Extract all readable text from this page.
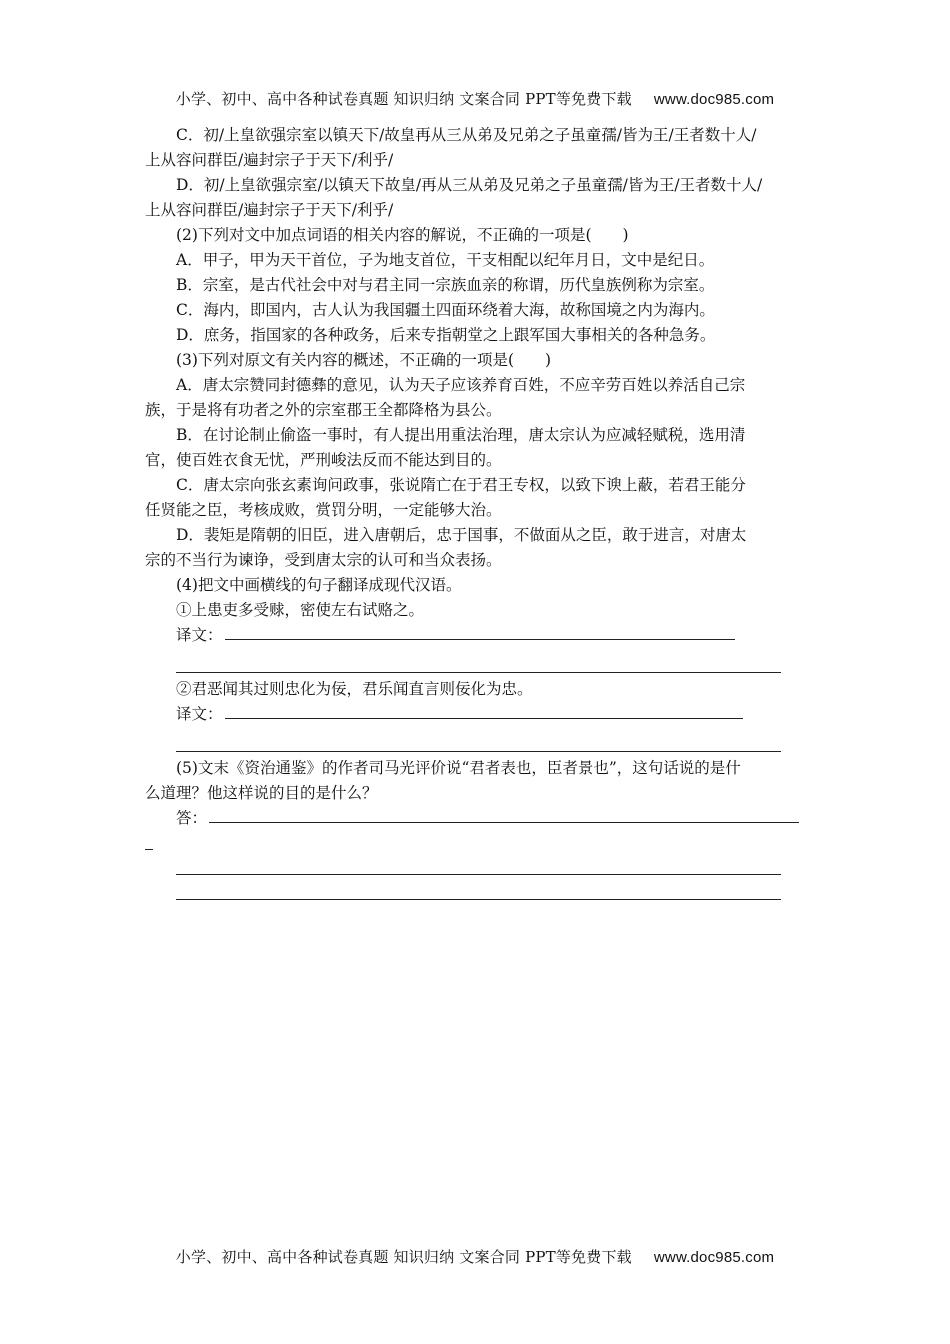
小学、初中、高中各种试卷真题 知识归纳 文案合同 PPT等免费下载 www.doc985.com

C．初/上皇欲强宗室以镇天下/故皇再从三从弟及兄弟之子虽童孺/皆为王/王者数十人/

上从容问群臣/遍封宗子于天下/利乎/

D．初/上皇欲强宗室/以镇天下故皇/再从三从弟及兄弟之子虽童孺/皆为王/王者数十人/

上从容问群臣/遍封宗子于天下/利乎/

(2)下列对文中加点词语的相关内容的解说，不正确的一项是(　　)

A．甲子，甲为天干首位，子为地支首位，干支相配以纪年月日，文中是纪日。

B．宗室，是古代社会中对与君主同一宗族血亲的称谓，历代皇族例称为宗室。

C．海内，即国内，古人认为我国疆土四面环绕着大海，故称国境之内为海内。

D．庶务，指国家的各种政务，后来专指朝堂之上跟军国大事相关的各种急务。

(3)下列对原文有关内容的概述，不正确的一项是(　　)

A．唐太宗赞同封德彝的意见，认为天子应该养育百姓，不应辛劳百姓以养活自己宗

族，于是将有功者之外的宗室郡王全都降格为县公。

B．在讨论制止偷盗一事时，有人提出用重法治理，唐太宗认为应减轻赋税，选用清

官，使百姓衣食无忧，严刑峻法反而不能达到目的。

C．唐太宗向张玄素询问政事，张说隋亡在于君王专权，以致下谀上蔽，若君王能分

任贤能之臣，考核成败，赏罚分明，一定能够大治。

D．裴矩是隋朝的旧臣，进入唐朝后，忠于国事，不做面从之臣，敢于进言，对唐太

宗的不当行为谏诤，受到唐太宗的认可和当众表扬。

(4)把文中画横线的句子翻译成现代汉语。

①上患吏多受赇，密使左右试赂之。

译文：

②君恶闻其过则忠化为佞，君乐闻直言则佞化为忠。

译文：

(5)文末《资治通鉴》的作者司马光评价说“君者表也，臣者景也”，这句话说的是什

么道理？他这样说的目的是什么？

答：

小学、初中、高中各种试卷真题 知识归纳 文案合同 PPT等免费下载 www.doc985.com
